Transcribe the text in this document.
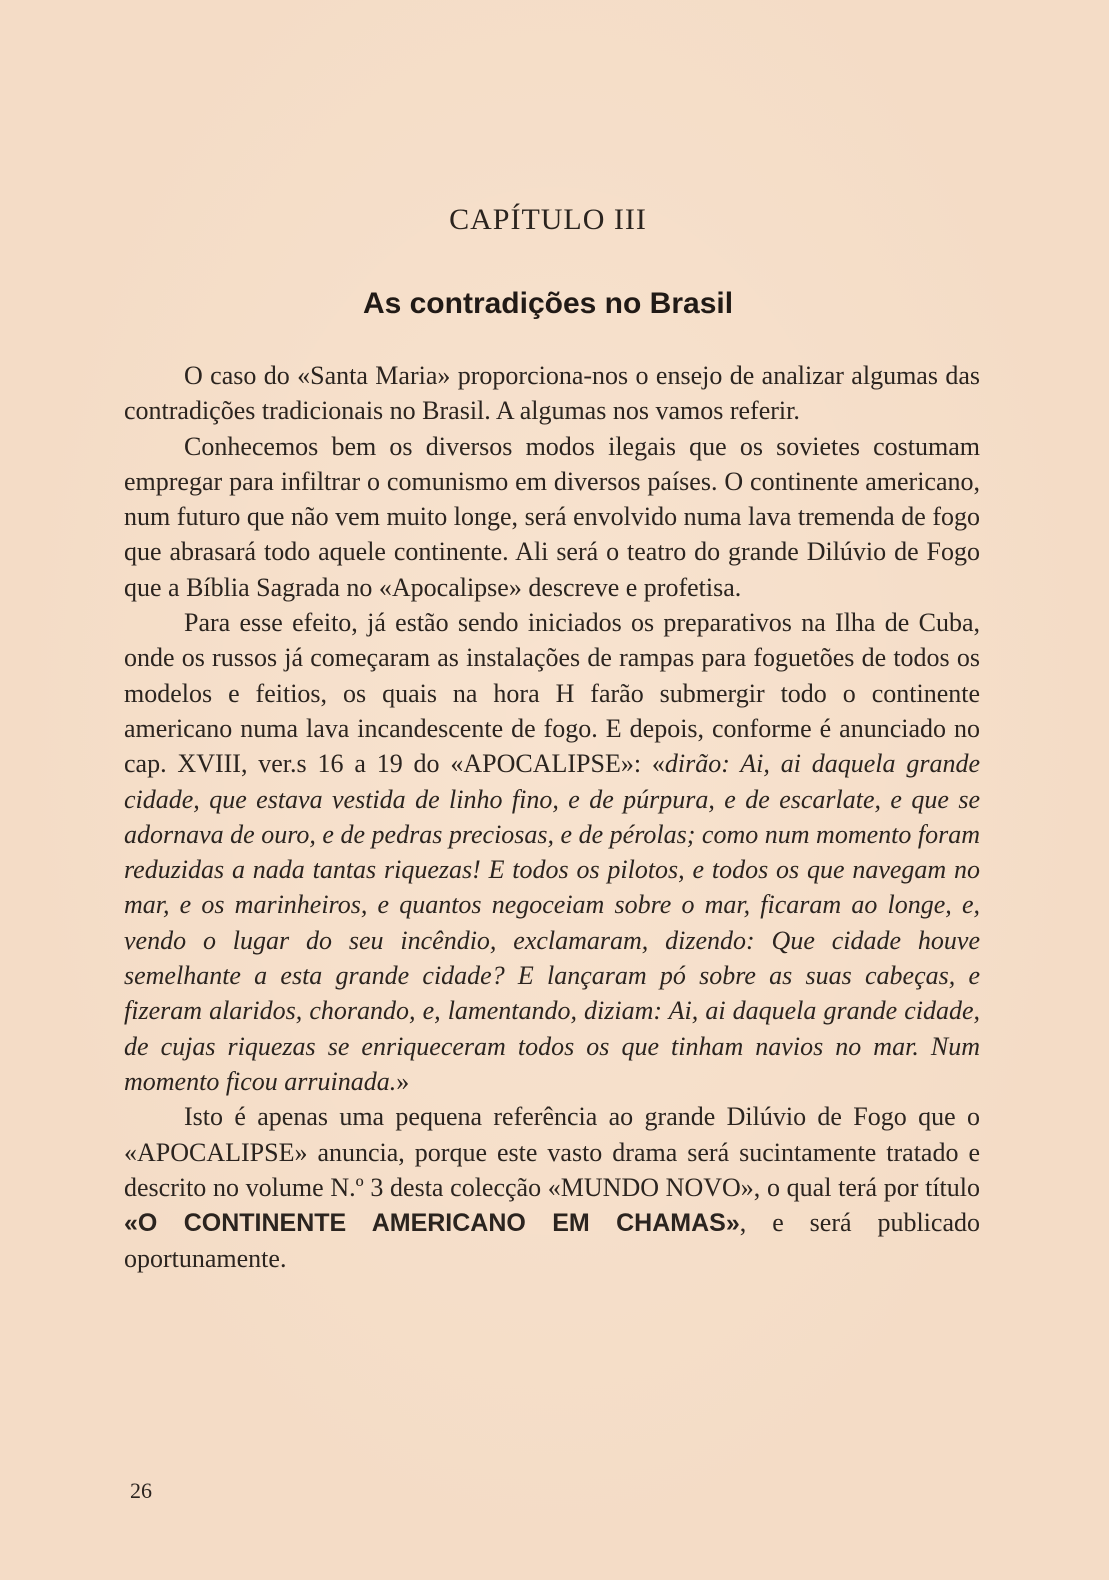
CAPÍTULO III
As contradições no Brasil

O caso do «Santa Maria» proporciona-nos o ensejo de analizar algumas das contradições tradicionais no Brasil. A algumas nos vamos referir.

Conhecemos bem os diversos modos ilegais que os sovietes costumam empregar para infiltrar o comunismo em diversos países. O continente americano, num futuro que não vem muito longe, será envolvido numa lava tremenda de fogo que abrasará todo aquele continente. Ali será o teatro do grande Dilúvio de Fogo que a Bíblia Sagrada no «Apocalipse» descreve e profetisa.

Para esse efeito, já estão sendo iniciados os preparativos na Ilha de Cuba, onde os russos já começaram as instalações de rampas para foguetões de todos os modelos e feitios, os quais na hora H farão submergir todo o continente americano numa lava incandescente de fogo. E depois, conforme é anunciado no cap. XVIII, ver.s 16 a 19 do «APOCALIPSE»: «dirão: Ai, ai daquela grande cidade, que estava vestida de linho fino, e de púrpura, e de escarlate, e que se adornava de ouro, e de pedras preciosas, e de pérolas; como num momento foram reduzidas a nada tantas riquezas! E todos os pilotos, e todos os que navegam no mar, e os marinheiros, e quantos negoceiam sobre o mar, ficaram ao longe, e, vendo o lugar do seu incêndio, exclamaram, dizendo: Que cidade houve semelhante a esta grande cidade? E lançaram pó sobre as suas cabeças, e fizeram alaridos, chorando, e, lamentando, diziam: Ai, ai daquela grande cidade, de cujas riquezas se enriqueceram todos os que tinham navios no mar. Num momento ficou arruinada.»

Isto é apenas uma pequena referência ao grande Dilúvio de Fogo que o «APOCALIPSE» anuncia, porque este vasto drama será sucintamente tratado e descrito no volume N.º 3 desta colecção «MUNDO NOVO», o qual terá por título «O CONTINENTE AMERICANO EM CHAMAS», e será publicado oportunamente.

26
